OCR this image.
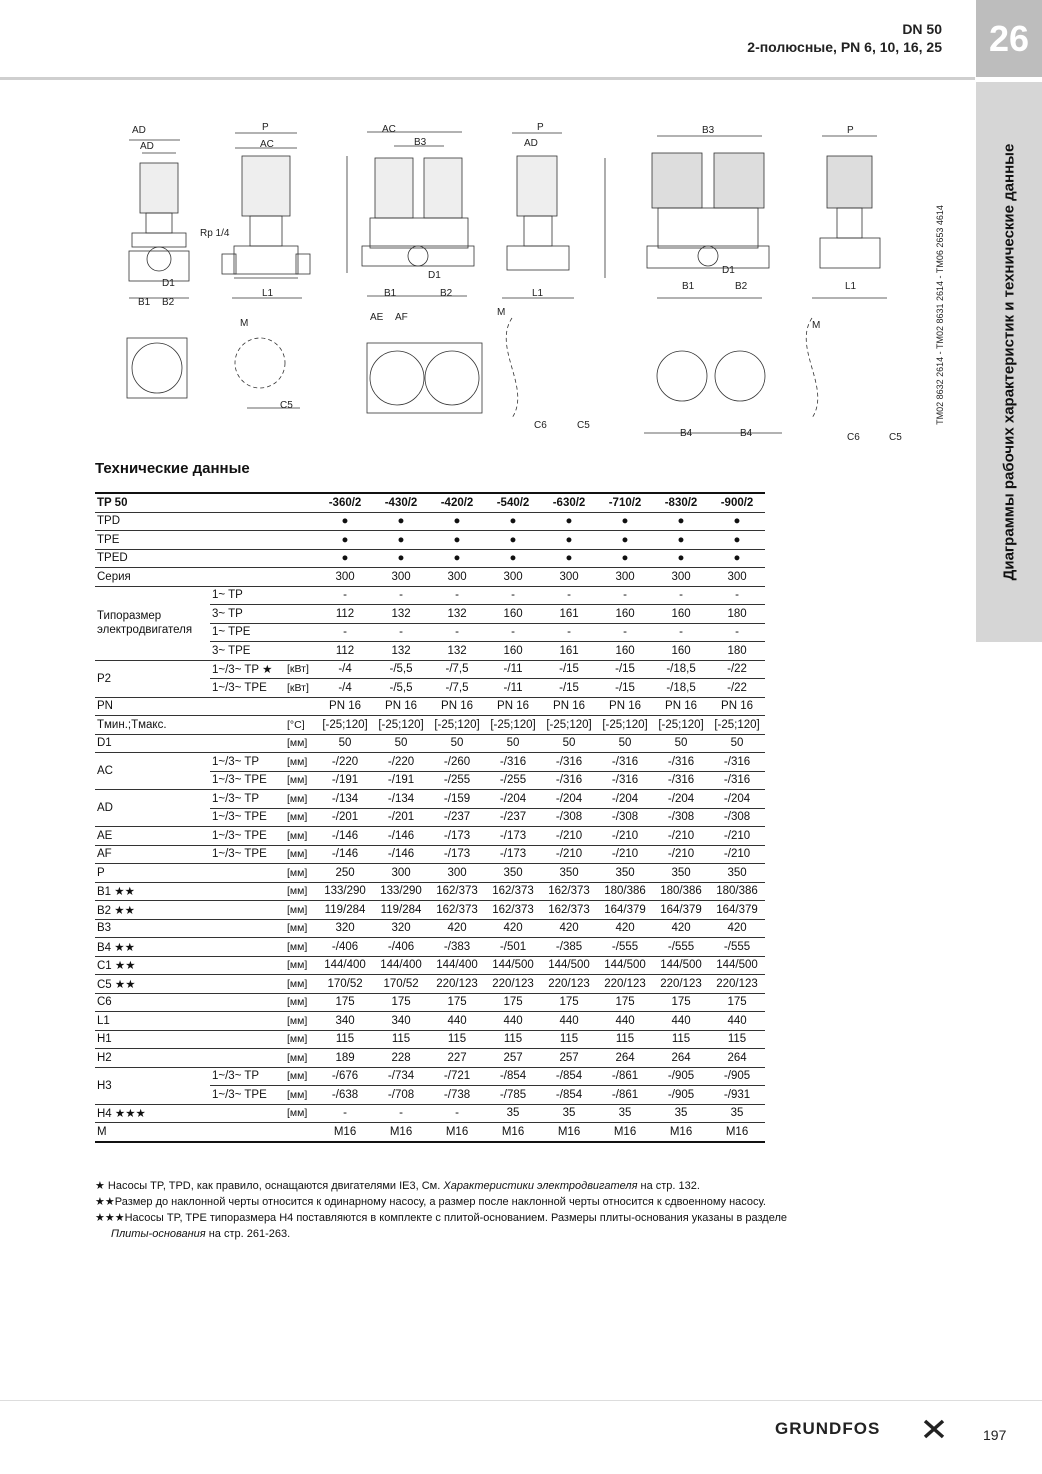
DN 50
2-полюсные, PN 6, 10, 16, 25	26
Диаграммы рабочих характеристик и технические данные
TM02 8632 2614 - TM02 8631 2614 - TM06 2653 4614
AD
AD
D1
B1 B2
Rp 1/4
P
AC
L1
AC
B3
D1
B1	B2
P
AD
L1
B3
D1
B1	B2
P
L1
M
C5
AE AF	M
C6	C5
B4	B4
M
C6	C5
Технические данные
TP 50			-360/2	-430/2	-420/2	-540/2	-630/2	-710/2	-830/2	-900/2
TPD			●	●	●	●	●	●	●	●
TPE			●	●	●	●	●	●	●	●
TPED			●	●	●	●	●	●	●	●
Серия			300	300	300	300	300	300	300	300
Типоразмер электродвигателя	1~ TP		-	-	-	-	-	-	-	-
	3~ TP		112	132	132	160	161	160	160	180
	1~ TPE		-	-	-	-	-	-	-	-
	3~ TPE		112	132	132	160	161	160	160	180
P2	1~/3~ TP ★	[кВт]	-/4	-/5,5	-/7,5	-/11	-/15	-/15	-/18,5	-/22
	1~/3~ TPE	[кВт]	-/4	-/5,5	-/7,5	-/11	-/15	-/15	-/18,5	-/22
PN			PN 16	PN 16	PN 16	PN 16	PN 16	PN 16	PN 16	PN 16
Tмин.;Tмакс.		[°C]	[-25;120]	[-25;120]	[-25;120]	[-25;120]	[-25;120]	[-25;120]	[-25;120]	[-25;120]
D1		[мм]	50	50	50	50	50	50	50	50
AC	1~/3~ TP	[мм]	-/220	-/220	-/260	-/316	-/316	-/316	-/316	-/316
	1~/3~ TPE	[мм]	-/191	-/191	-/255	-/255	-/316	-/316	-/316	-/316
AD	1~/3~ TP	[мм]	-/134	-/134	-/159	-/204	-/204	-/204	-/204	-/204
	1~/3~ TPE	[мм]	-/201	-/201	-/237	-/237	-/308	-/308	-/308	-/308
AE	1~/3~ TPE	[мм]	-/146	-/146	-/173	-/173	-/210	-/210	-/210	-/210
AF	1~/3~ TPE	[мм]	-/146	-/146	-/173	-/173	-/210	-/210	-/210	-/210
P		[мм]	250	300	300	350	350	350	350	350
B1 ★★		[мм]	133/290	133/290	162/373	162/373	162/373	180/386	180/386	180/386
B2 ★★		[мм]	119/284	119/284	162/373	162/373	162/373	164/379	164/379	164/379
B3		[мм]	320	320	420	420	420	420	420	420
B4 ★★		[мм]	-/406	-/406	-/383	-/501	-/385	-/555	-/555	-/555
C1 ★★		[мм]	144/400	144/400	144/400	144/500	144/500	144/500	144/500	144/500
C5 ★★		[мм]	170/52	170/52	220/123	220/123	220/123	220/123	220/123	220/123
C6		[мм]	175	175	175	175	175	175	175	175
L1		[мм]	340	340	440	440	440	440	440	440
H1		[мм]	115	115	115	115	115	115	115	115
H2		[мм]	189	228	227	257	257	264	264	264
H3	1~/3~ TP	[мм]	-/676	-/734	-/721	-/854	-/854	-/861	-/905	-/905
	1~/3~ TPE	[мм]	-/638	-/708	-/738	-/785	-/854	-/861	-/905	-/931
H4 ★★★		[мм]	-	-	-	35	35	35	35	35
M			M16	M16	M16	M16	M16	M16	M16	M16
★ Насосы TP, TPD, как правило, оснащаются двигателями IE3, См. Характеристики электродвигателя на стр. 132.
★★Размер до наклонной черты относится к одинарному насосу, а размер после наклонной черты относится к сдвоенному насосу.
★★★Насосы TP, TPE типоразмера H4 поставляются в комплекте с плитой-основанием. Размеры плиты-основания указаны в разделе
Плиты-основания на стр. 261-263.
GRUNDFOS	197
